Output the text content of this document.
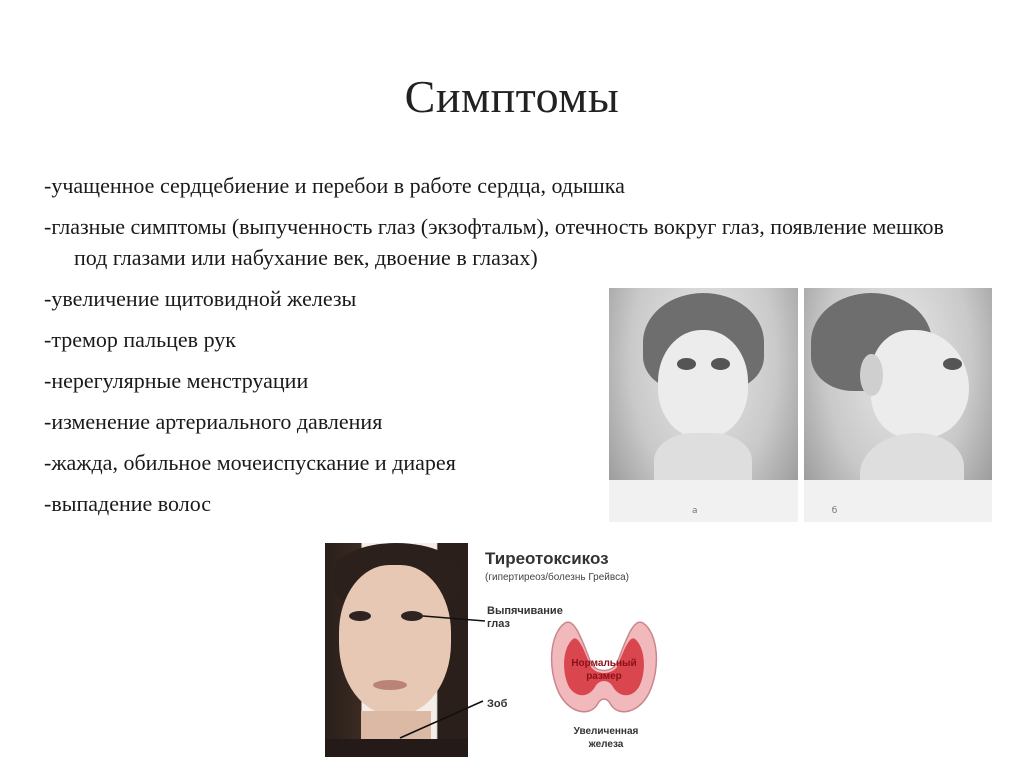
Симптомы
-учащенное сердцебиение и перебои в работе сердца, одышка
-глазные симптомы (выпученность глаз (экзофтальм), отечность вокруг глаз, появление мешков под глазами или набухание век, двоение в глазах)
-увеличение щитовидной железы
-тремор пальцев рук
-нерегулярные менструации
-изменение артериального давления
-жажда, обильное мочеиспускание и диарея
-выпадение волос	а	б
Тиреотоксикоз
(гипертиреоз/болезнь Грейвса)
Выпячивание глаз
Зоб
Нормальный размер
Увеличенная железа
